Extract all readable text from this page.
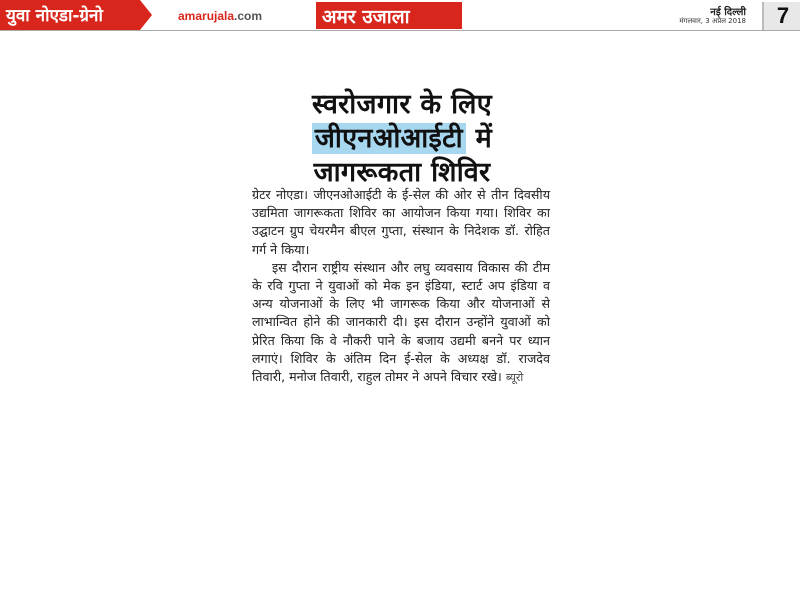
युवा नोएडा-ग्रेनो	amarujala.com	अमर उजाला	नई दिल्ली
मंगलवार, 3 अप्रैल 2018	7
स्वरोजगार के लिए
जीएनओआईटी में
जागरूकता शिविर

ग्रेटर नोएडा। जीएनओआईटी के ई-सेल की ओर से तीन दिवसीय उद्यमिता जागरूकता शिविर का आयोजन किया गया। शिविर का उद्घाटन ग्रुप चेयरमैन बीएल गुप्ता, संस्थान के निदेशक डॉ. रोहित गर्ग ने किया।

इस दौरान राष्ट्रीय संस्थान और लघु व्यवसाय विकास की टीम के रवि गुप्ता ने युवाओं को मेक इन इंडिया, स्टार्ट अप इंडिया व अन्य योजनाओं के लिए भी जागरूक किया और योजनाओं से लाभान्वित होने की जानकारी दी। इस दौरान उन्होंने युवाओं को प्रेरित किया कि वे नौकरी पाने के बजाय उद्यमी बनने पर ध्यान लगाएं। शिविर के अंतिम दिन ई-सेल के अध्यक्ष डॉ. राजदेव तिवारी, मनोज तिवारी, राहुल तोमर ने अपने विचार रखे। ब्यूरो
